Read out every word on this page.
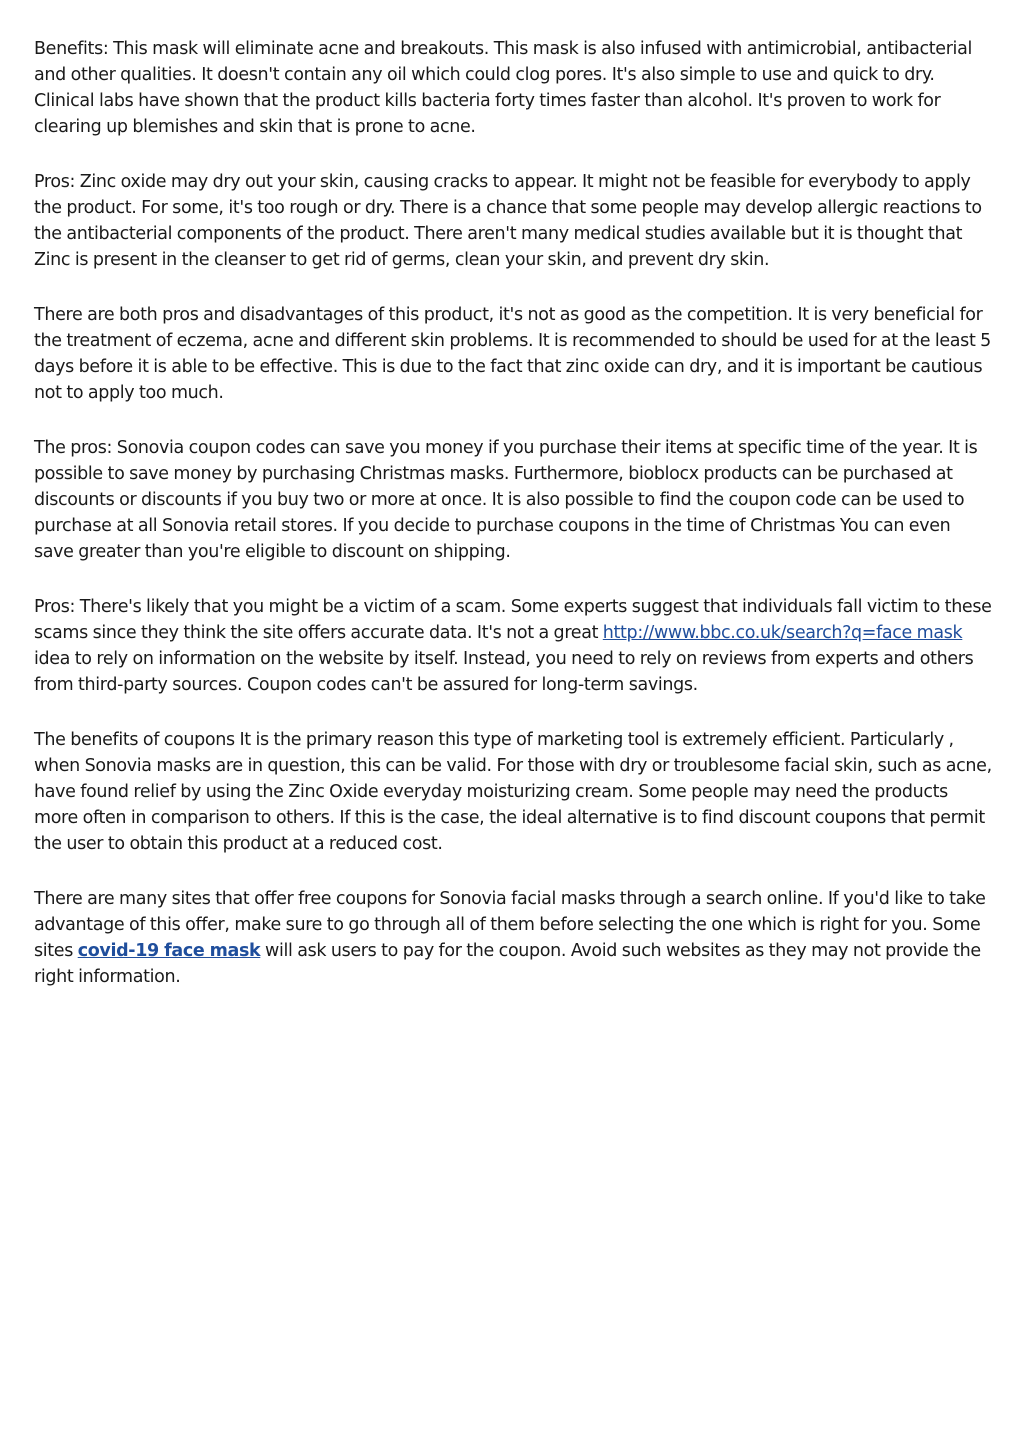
Benefits: This mask will eliminate acne and breakouts. This mask is also infused with antimicrobial, antibacterial and other qualities. It doesn't contain any oil which could clog pores. It's also simple to use and quick to dry. Clinical labs have shown that the product kills bacteria forty times faster than alcohol. It's proven to work for clearing up blemishes and skin that is prone to acne.

Pros: Zinc oxide may dry out your skin, causing cracks to appear. It might not be feasible for everybody to apply the product. For some, it's too rough or dry. There is a chance that some people may develop allergic reactions to the antibacterial components of the product. There aren't many medical studies available but it is thought that Zinc is present in the cleanser to get rid of germs, clean your skin, and prevent dry skin.

There are both pros and disadvantages of this product, it's not as good as the competition. It is very beneficial for the treatment of eczema, acne and different skin problems. It is recommended to should be used for at the least 5 days before it is able to be effective. This is due to the fact that zinc oxide can dry, and it is important be cautious not to apply too much.

The pros: Sonovia coupon codes can save you money if you purchase their items at specific time of the year. It is possible to save money by purchasing Christmas masks. Furthermore, bioblocx products can be purchased at discounts or discounts if you buy two or more at once. It is also possible to find the coupon code can be used to purchase at all Sonovia retail stores. If you decide to purchase coupons in the time of Christmas You can even save greater than you're eligible to discount on shipping.

Pros: There's likely that you might be a victim of a scam. Some experts suggest that individuals fall victim to these scams since they think the site offers accurate data. It's not a great http://www.bbc.co.uk/search?q=face mask idea to rely on information on the website by itself. Instead, you need to rely on reviews from experts and others from third-party sources. Coupon codes can't be assured for long-term savings.

The benefits of coupons It is the primary reason this type of marketing tool is extremely efficient. Particularly , when Sonovia masks are in question, this can be valid. For those with dry or troublesome facial skin, such as acne, have found relief by using the Zinc Oxide everyday moisturizing cream. Some people may need the products more often in comparison to others. If this is the case, the ideal alternative is to find discount coupons that permit the user to obtain this product at a reduced cost.

There are many sites that offer free coupons for Sonovia facial masks through a search online. If you'd like to take advantage of this offer, make sure to go through all of them before selecting the one which is right for you. Some sites covid-19 face mask will ask users to pay for the coupon. Avoid such websites as they may not provide the right information.
